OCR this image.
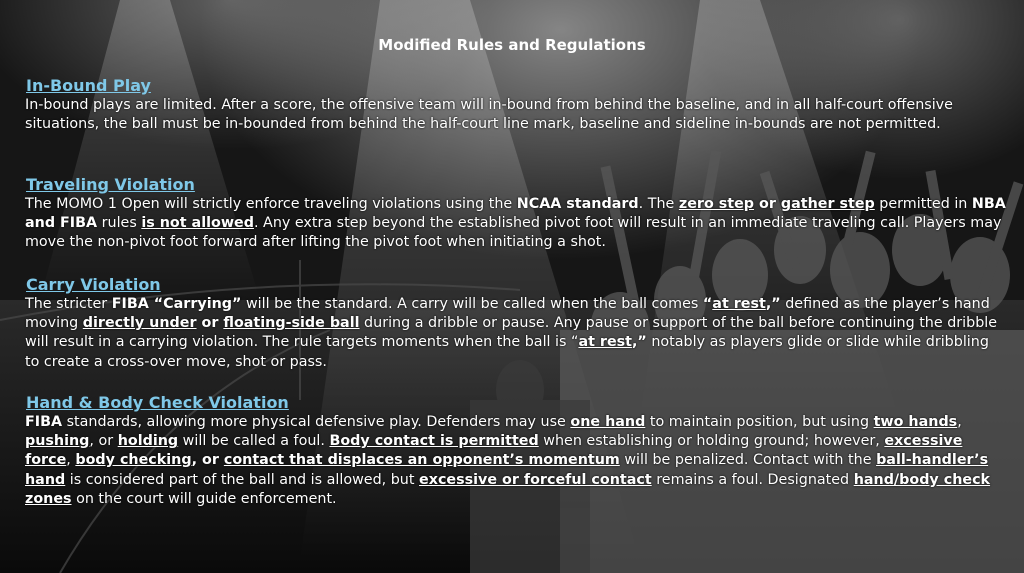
Modified Rules and Regulations
In-Bound Play

In-bound plays are limited. After a score, the offensive team will in-bound from behind the baseline, and in all half-court offensive situations, the ball must be in-bounded from behind the half-court line mark, baseline and sideline in-bounds are not permitted.

Traveling Violation

The MOMO 1 Open will strictly enforce traveling violations using the NCAA standard. The zero step or gather step permitted in NBA and FIBA rules is not allowed. Any extra step beyond the established pivot foot will result in an immediate traveling call. Players may move the non-pivot foot forward after lifting the pivot foot when initiating a shot.

Carry Violation

The stricter FIBA “Carrying” will be the standard. A carry will be called when the ball comes “at rest,” defined as the player’s hand moving directly under or floating-side ball during a dribble or pause. Any pause or support of the ball before continuing the dribble will result in a carrying violation. The rule targets moments when the ball is “at rest,” notably as players glide or slide while dribbling to create a cross-over move, shot or pass.

Hand & Body Check Violation

FIBA standards, allowing more physical defensive play. Defenders may use one hand to maintain position, but using two hands, pushing, or holding will be called a foul. Body contact is permitted when establishing or holding ground; however, excessive force, body checking, or contact that displaces an opponent’s momentum will be penalized. Contact with the ball-handler’s hand is considered part of the ball and is allowed, but excessive or forceful contact remains a foul. Designated hand/body check zones on the court will guide enforcement.
